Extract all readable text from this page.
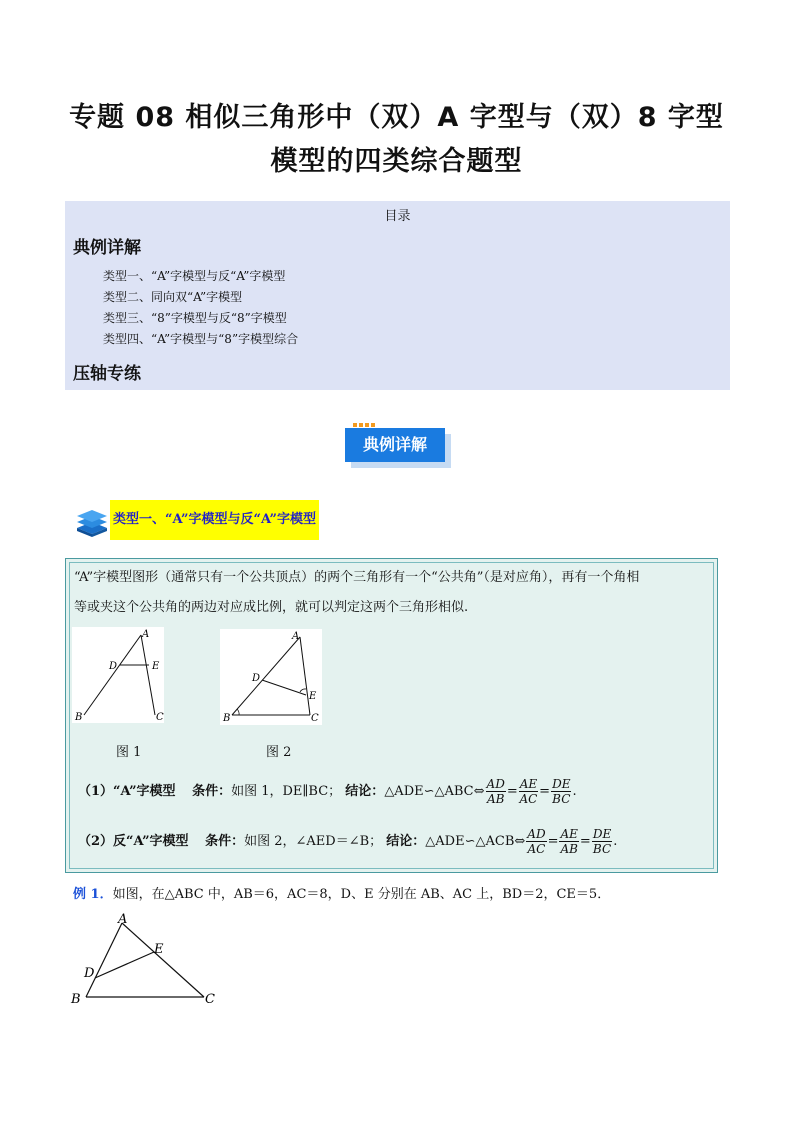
专题 08 相似三角形中（双）A 字型与（双）8 字型
模型的四类综合题型
目录
典例详解
类型一、“A”字模型与反“A”字模型
类型二、同向双“A”字模型
类型三、“8”字模型与反“8”字模型
类型四、“A”字模型与“8”字模型综合
压轴专练
典例详解
类型一、“A”字模型与反“A”字模型
“A”字模型图形（通常只有一个公共顶点）的两个三角形有一个“公共角”（是对应角），再有一个角相
等或夹这个公共角的两边对应成比例，就可以判定这两个三角形相似.
A
D	E
B	C
图 1
A
D
E
B	C
图 2
（1）“A”字模型 条件：如图 1，DE∥BC； 结论：△ADE∽△ABC⇔ $\frac{AD}{AB} = \frac{AE}{AC} = \frac{DE}{BC}$ .
（2）反“A”字模型 条件：如图 2，∠AED＝∠B； 结论：△ADE∽△ACB⇔ $\frac{AD}{AC} = \frac{AE}{AB} = \frac{DE}{BC}$ .
例 1．如图，在△ABC 中，AB＝6，AC＝8，D、E 分别在 AB、AC 上，BD＝2，CE＝5．
A
E
D
B	C
